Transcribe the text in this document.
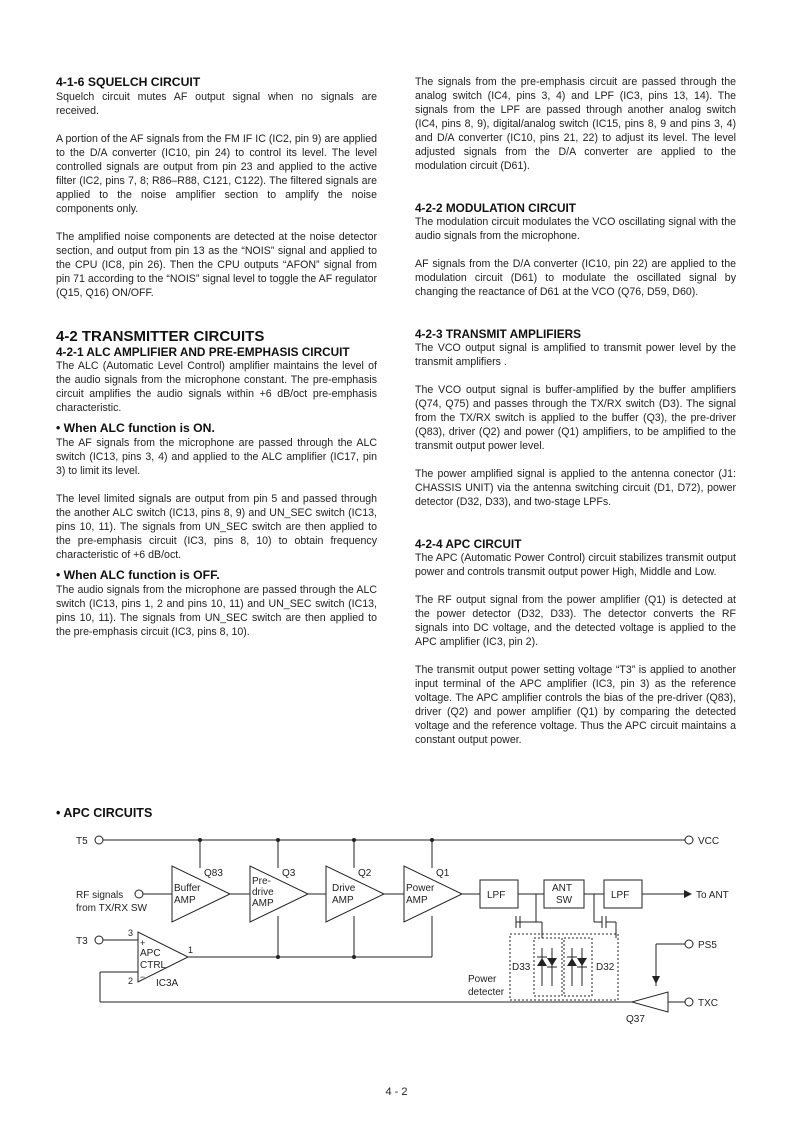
4-1-6 SQUELCH CIRCUIT

Squelch circuit mutes AF output signal when no signals are received.

A portion of the AF signals from the FM IF IC (IC2, pin 9) are applied to the D/A converter (IC10, pin 24) to control its level. The level controlled signals are output from pin 23 and applied to the active filter (IC2, pins 7, 8; R86–R88, C121, C122). The filtered signals are applied to the noise amplifier section to amplify the noise components only.

The amplified noise components are detected at the noise detector section, and output from pin 13 as the “NOIS” signal and applied to the CPU (IC8, pin 26). Then the CPU outputs “AFON” signal from pin 71 according to the “NOIS” signal level to toggle the AF regulator (Q15, Q16) ON/OFF.

4-2 TRANSMITTER CIRCUITS
4-2-1 ALC AMPLIFIER AND PRE-EMPHASIS CIRCUIT

The ALC (Automatic Level Control) amplifier maintains the level of the audio signals from the microphone constant. The pre-emphasis circuit amplifies the audio signals within +6 dB/oct pre-emphasis characteristic.

• When ALC function is ON.

The AF signals from the microphone are passed through the ALC switch (IC13, pins 3, 4) and applied to the ALC amplifier (IC17, pin 3) to limit its level.

The level limited signals are output from pin 5 and passed through the another ALC switch (IC13, pins 8, 9) and UN_SEC switch (IC13, pins 10, 11). The signals from UN_SEC switch are then applied to the pre-emphasis circuit (IC3, pins 8, 10) to obtain frequency characteristic of +6 dB/oct.

• When ALC function is OFF.

The audio signals from the microphone are passed through the ALC switch (IC13, pins 1, 2 and pins 10, 11) and UN_SEC switch (IC13, pins 10, 11). The signals from UN_SEC switch are then applied to the pre-emphasis circuit (IC3, pins 8, 10).

The signals from the pre-emphasis circuit are passed through the analog switch (IC4, pins 3, 4) and LPF (IC3, pins 13, 14). The signals from the LPF are passed through another analog switch (IC4, pins 8, 9), digital/analog switch (IC15, pins 8, 9 and pins 3, 4) and D/A converter (IC10, pins 21, 22) to adjust its level. The level adjusted signals from the D/A converter are applied to the modulation circuit (D61).

4-2-2 MODULATION CIRCUIT

The modulation circuit modulates the VCO oscillating signal with the audio signals from the microphone.

AF signals from the D/A converter (IC10, pin 22) are applied to the modulation circuit (D61) to modulate the oscillated signal by changing the reactance of D61 at the VCO (Q76, D59, D60).

4-2-3 TRANSMIT AMPLIFIERS

The VCO output signal is amplified to transmit power level by the transmit amplifiers .

The VCO output signal is buffer-amplified by the buffer amplifiers (Q74, Q75) and passes through the TX/RX switch (D3). The signal from the TX/RX switch is applied to the buffer (Q3), the pre-driver (Q83), driver (Q2) and power (Q1) amplifiers, to be amplified to the transmit output power level.

The power amplified signal is applied to the antenna conector (J1: CHASSIS UNIT) via the antenna switching circuit (D1, D72), power detector (D32, D33), and two-stage LPFs.

4-2-4 APC CIRCUIT

The APC (Automatic Power Control) circuit stabilizes transmit output power and controls transmit output power High, Middle and Low.

The RF output signal from the power amplifier (Q1) is detected at the power detector (D32, D33). The detector converts the RF signals into DC voltage, and the detected voltage is applied to the APC amplifier (IC3, pin 2).

The transmit output power setting voltage “T3” is applied to another input terminal of the APC amplifier (IC3, pin 3) as the reference voltage. The APC amplifier controls the bias of the pre-driver (Q83), driver (Q2) and power amplifier (Q1) by comparing the detected voltage and the reference voltage. Thus the APC circuit maintains a constant output power.

• APC CIRCUITS
T5	VCC
RF signals
from TX/RX SW
Buffer
AMP
Q83
Pre-
drive
AMP
Q3
Drive
AMP
Q2
Power
AMP
Q1
LPF
ANT
SW	LPF	To ANT
D33	D32
Power
detecter
T3
3
+
−
2
APC
CTRL
1
IC3A
PS5
TXC
Q37
4 - 2
